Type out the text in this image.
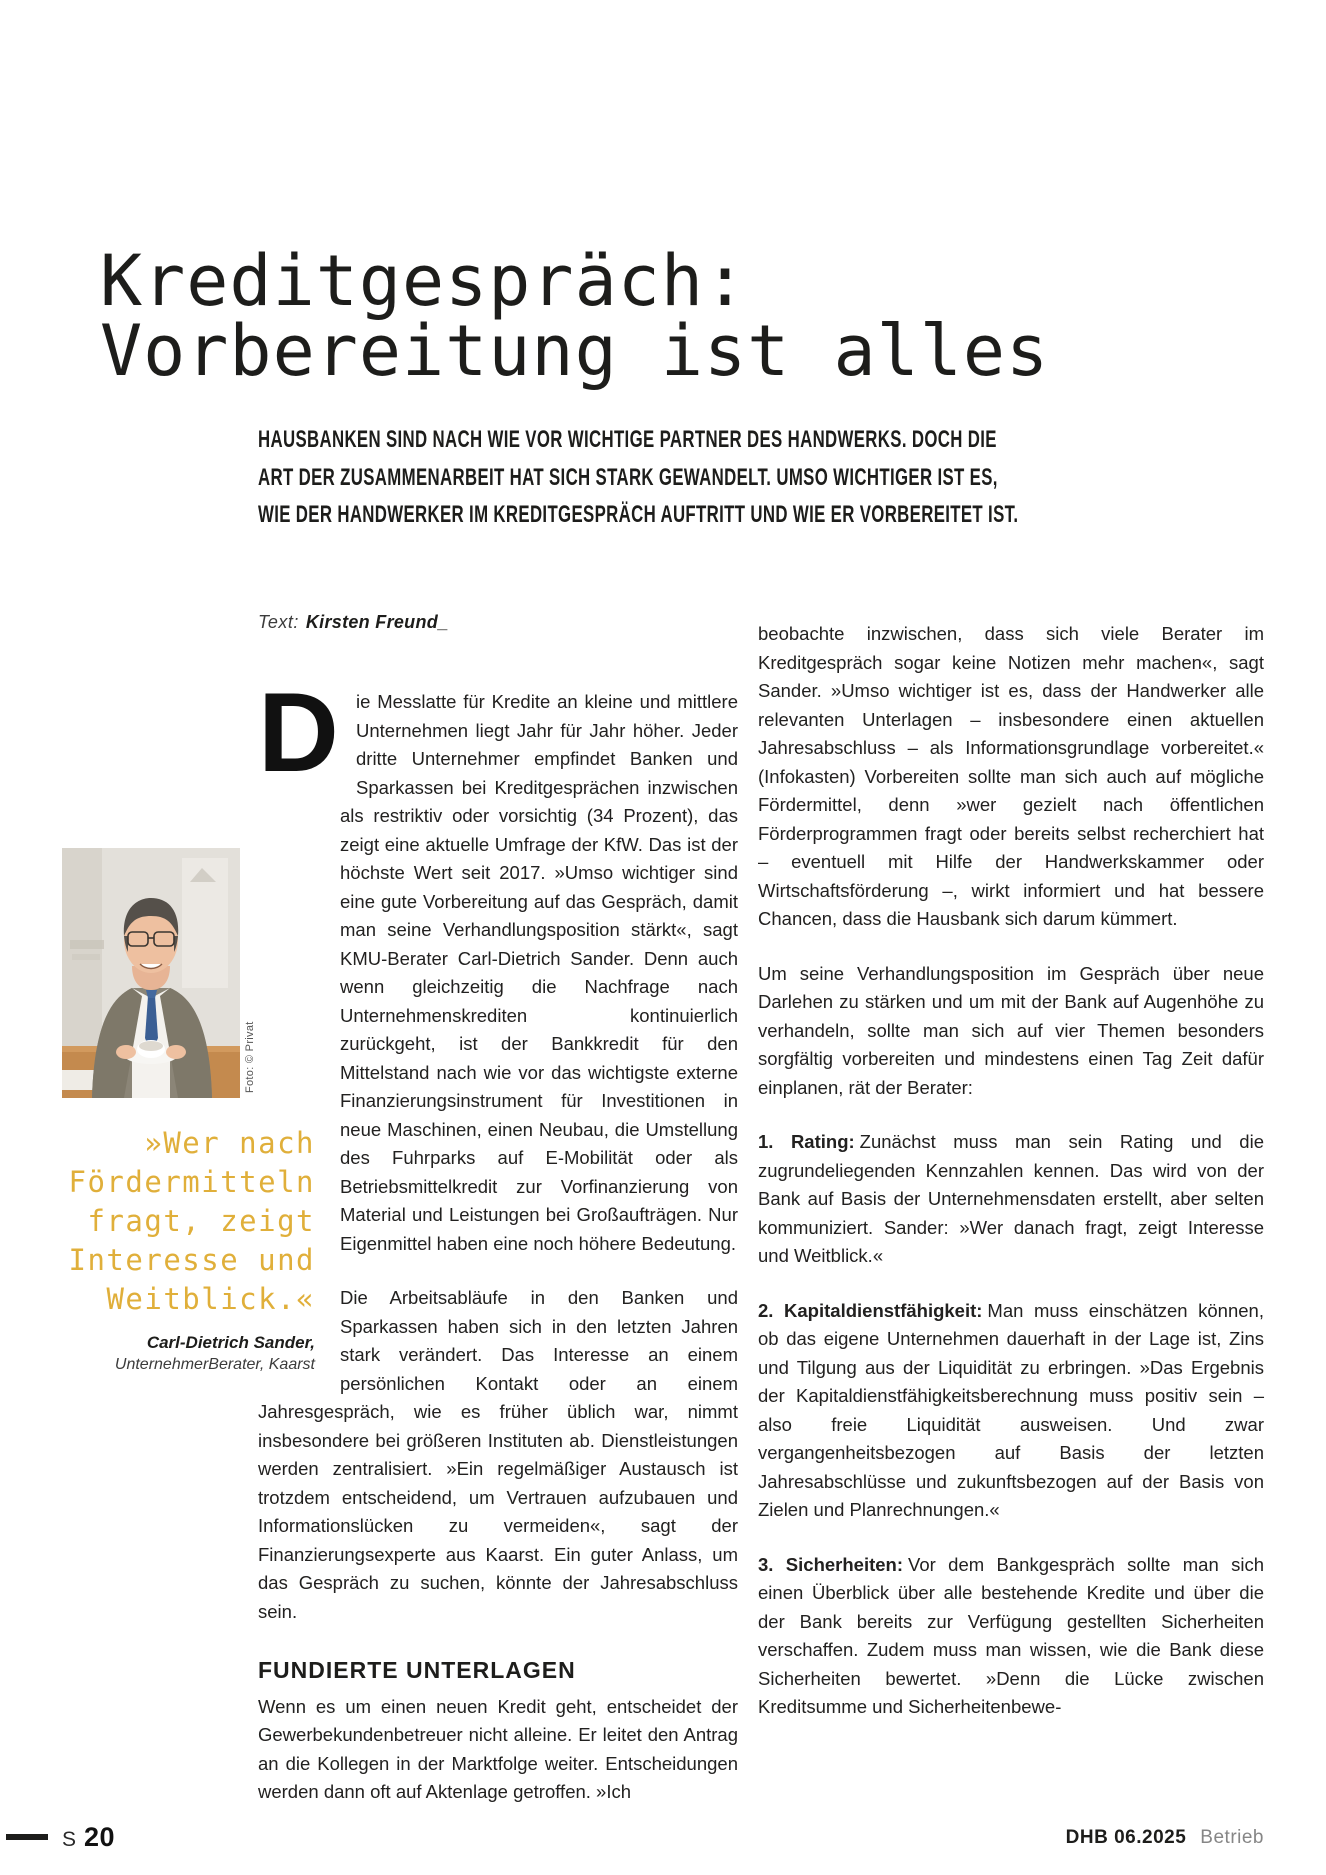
Kreditgespräch:
Vorbereitung ist alles
HAUSBANKEN SIND NACH WIE VOR WICHTIGE PARTNER DES HANDWERKS. DOCH DIE
ART DER ZUSAMMENARBEIT HAT SICH STARK GEWANDELT. UMSO WICHTIGER IST ES,
WIE DER HANDWERKER IM KREDITGESPRÄCH AUFTRITT UND WIE ER VORBEREITET IST.
Text: Kirsten Freund_
Foto: © Privat
»Wer nach
Fördermitteln
fragt, zeigt
Interesse und
Weitblick.«
Carl-Dietrich Sander,
UnternehmerBerater, Kaarst

D ie Messlatte für Kredite an kleine und mittlere Unternehmen liegt Jahr für Jahr höher. Jeder dritte Unternehmer empfindet Banken und Sparkassen bei Kreditgesprächen inzwischen als restriktiv oder vorsichtig (34 Prozent), das zeigt eine aktuelle Umfrage der KfW. Das ist der höchste Wert seit 2017. »Umso wichtiger sind eine gute Vorbereitung auf das Gespräch, damit man seine Verhandlungsposition stärkt«, sagt KMU-Berater Carl-Dietrich Sander. Denn auch wenn gleichzeitig die Nachfrage nach Unternehmenskrediten kontinuierlich zurückgeht, ist der Bankkredit für den Mittelstand nach wie vor das wichtigste externe Finanzierungsinstrument für Investitionen in neue Maschinen, einen Neubau, die Umstellung des Fuhrparks auf E-Mobilität oder als Betriebsmittelkredit zur Vorfinanzierung von Material und Leistungen bei Großaufträgen. Nur Eigenmittel haben eine noch höhere Bedeutung.

Die Arbeitsabläufe in den Banken und Sparkassen haben sich in den letzten Jahren stark verändert. Das Interesse an einem persönlichen Kontakt oder an einem Jahresgespräch, wie es früher üblich war, nimmt insbesondere bei größeren Instituten ab. Dienstleistungen werden zentralisiert. »Ein regelmäßiger Austausch ist trotzdem entscheidend, um Vertrauen aufzubauen und Informationslücken zu vermeiden«, sagt der Finanzierungsexperte aus Kaarst. Ein guter Anlass, um das Gespräch zu suchen, könnte der Jahresabschluss sein.

FUNDIERTE UNTERLAGEN

Wenn es um einen neuen Kredit geht, entscheidet der Gewerbekundenbetreuer nicht alleine. Er leitet den Antrag an die Kollegen in der Marktfolge weiter. Entscheidungen werden dann oft auf Aktenlage getroffen. »Ich

beobachte inzwischen, dass sich viele Berater im Kreditgespräch sogar keine Notizen mehr machen«, sagt Sander. »Umso wichtiger ist es, dass der Handwerker alle relevanten Unterlagen – insbesondere einen aktuellen Jahresabschluss – als Informationsgrundlage vorbereitet.« (Infokasten) Vorbereiten sollte man sich auch auf mögliche Fördermittel, denn »wer gezielt nach öffentlichen Förderprogrammen fragt oder bereits selbst recherchiert hat – eventuell mit Hilfe der Handwerkskammer oder Wirtschaftsförderung –, wirkt informiert und hat bessere Chancen, dass die Hausbank sich darum kümmert.

Um seine Verhandlungsposition im Gespräch über neue Darlehen zu stärken und um mit der Bank auf Augenhöhe zu verhandeln, sollte man sich auf vier Themen besonders sorgfältig vorbereiten und mindestens einen Tag Zeit dafür einplanen, rät der Berater:

1. Rating: Zunächst muss man sein Rating und die zugrundeliegenden Kennzahlen kennen. Das wird von der Bank auf Basis der Unternehmensdaten erstellt, aber selten kommuniziert. Sander: »Wer danach fragt, zeigt Interesse und Weitblick.«

2. Kapitaldienstfähigkeit: Man muss einschätzen können, ob das eigene Unternehmen dauerhaft in der Lage ist, Zins und Tilgung aus der Liquidität zu erbringen. »Das Ergebnis der Kapitaldienstfähigkeitsberechnung muss positiv sein – also freie Liquidität ausweisen. Und zwar vergangenheitsbezogen auf Basis der letzten Jahresabschlüsse und zukunftsbezogen auf der Basis von Zielen und Planrechnungen.«

3. Sicherheiten: Vor dem Bankgespräch sollte man sich einen Überblick über alle bestehende Kredite und über die der Bank bereits zur Verfügung gestellten Sicherheiten verschaffen. Zudem muss man wissen, wie die Bank diese Sicherheiten bewertet. »Denn die Lücke zwischen Kreditsumme und Sicherheitenbewe-

S 20	DHB 06.2025 Betrieb
